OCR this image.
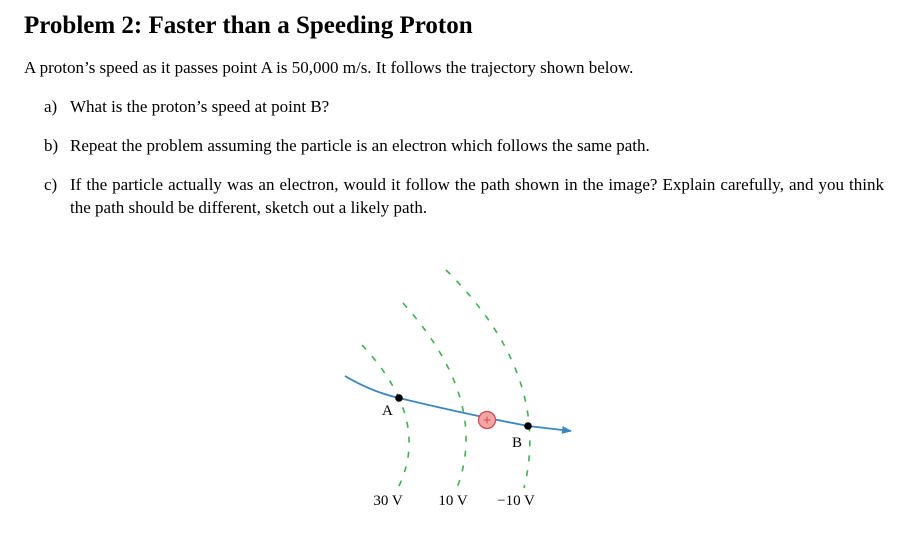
Problem 2: Faster than a Speeding Proton
A proton’s speed as it passes point A is 50,000 m/s. It follows the trajectory shown below.
a) What is the proton’s speed at point B?
b) Repeat the problem assuming the particle is an electron which follows the same path.
c) If the particle actually was an electron, would it follow the path shown in the image? Explain carefully, and you think the path should be different, sketch out a likely path.
+
A
B
30 V 10 V −10 V
